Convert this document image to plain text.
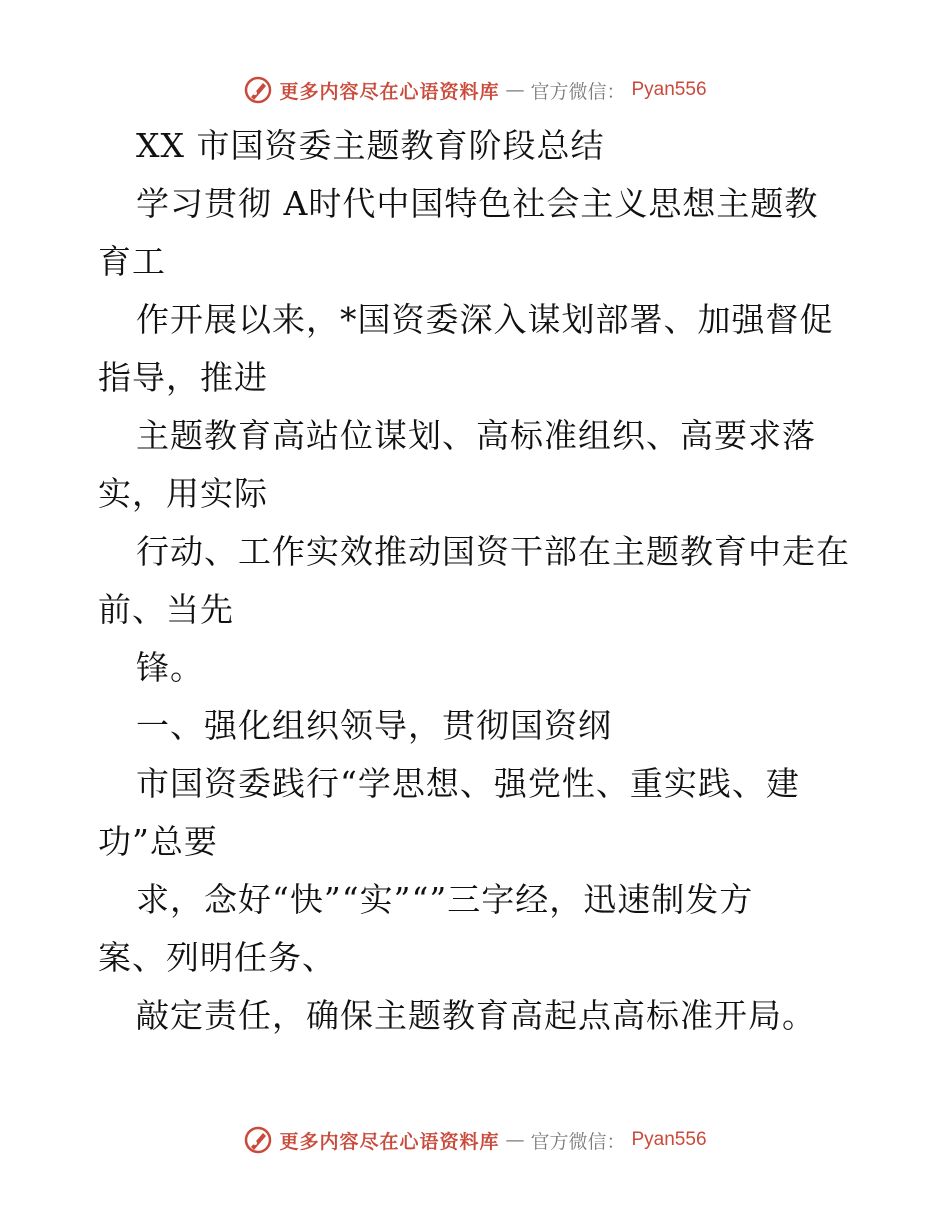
更多内容尽在心语资料库 — 官方微信： Pyan556
XX 市国资委主题教育阶段总结
学习贯彻 A时代中国特色社会主义思想主题教
育工
作开展以来，*国资委深入谋划部署、加强督促
指导，推进
主题教育高站位谋划、高标准组织、高要求落
实，用实际
行动、工作实效推动国资干部在主题教育中走在
前、当先
锋。
一、强化组织领导，贯彻国资纲
市国资委践行“学思想、强党性、重实践、建
功”总要
求，念好“快”“实”“”三字经，迅速制发方
案、列明任务、
敲定责任，确保主题教育高起点高标准开局。
更多内容尽在心语资料库 — 官方微信： Pyan556
